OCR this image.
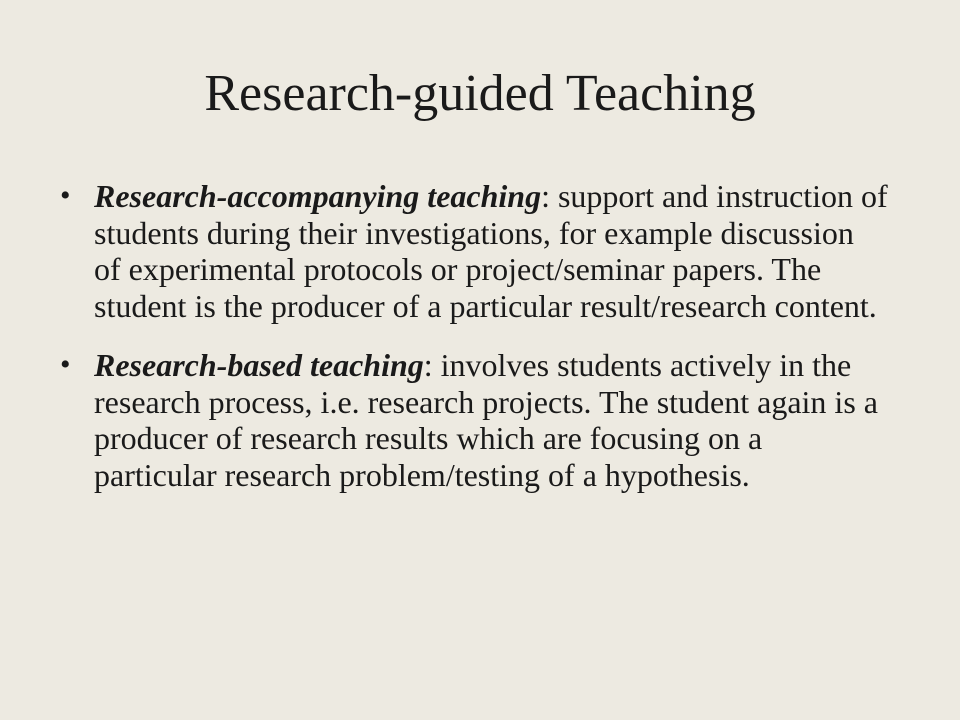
Research-guided Teaching
• Research-accompanying teaching: support and instruction of students during their investigations, for example discussion of experimental protocols or project/seminar papers. The student is the producer of a particular result/research content.
• Research-based teaching: involves students actively in the research process, i.e. research projects. The student again is a producer of research results which are focusing on a particular research problem/testing of a hypothesis.
